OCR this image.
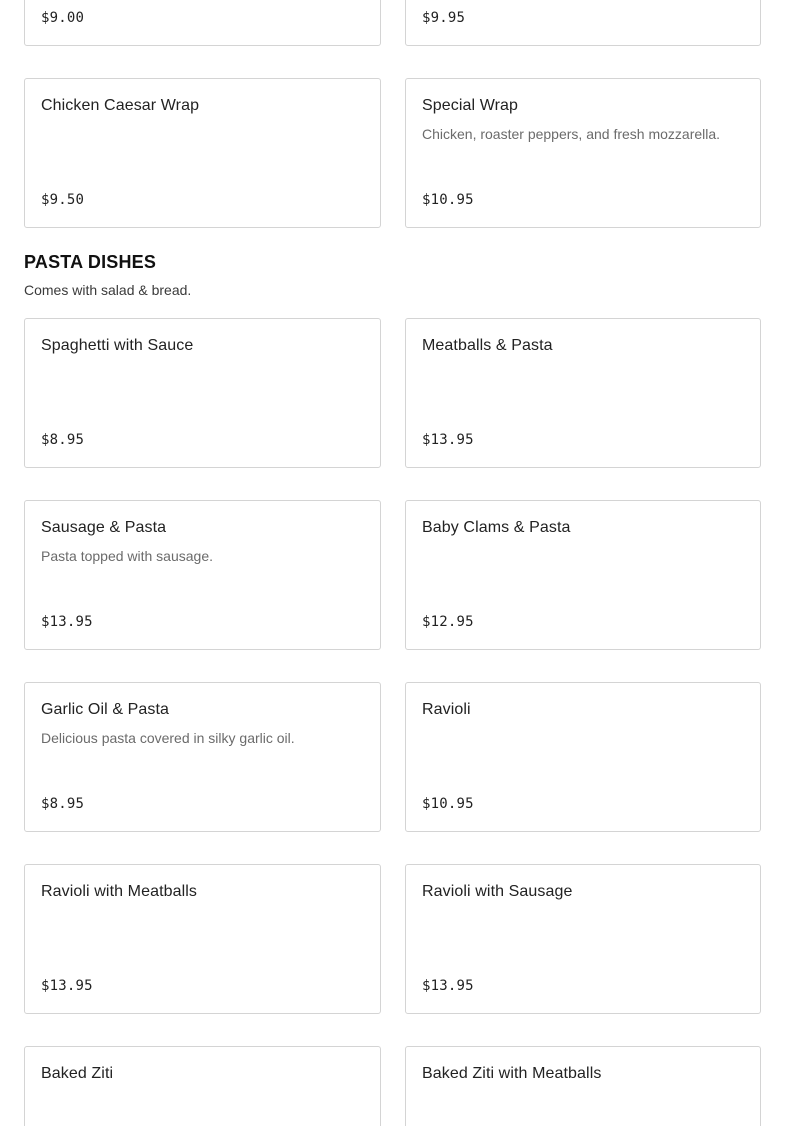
$9.00	$9.95
Chicken Caesar Wrap
$9.50
Special Wrap
Chicken, roaster peppers, and fresh mozzarella.
$10.95
PASTA DISHES
Comes with salad & bread.
Spaghetti with Sauce
$8.95
Meatballs & Pasta
$13.95
Sausage & Pasta
Pasta topped with sausage.
$13.95
Baby Clams & Pasta
$12.95
Garlic Oil & Pasta
Delicious pasta covered in silky garlic oil.
$8.95
Ravioli
$10.95
Ravioli with Meatballs
$13.95
Ravioli with Sausage
$13.95
Baked Ziti	Baked Ziti with Meatballs
